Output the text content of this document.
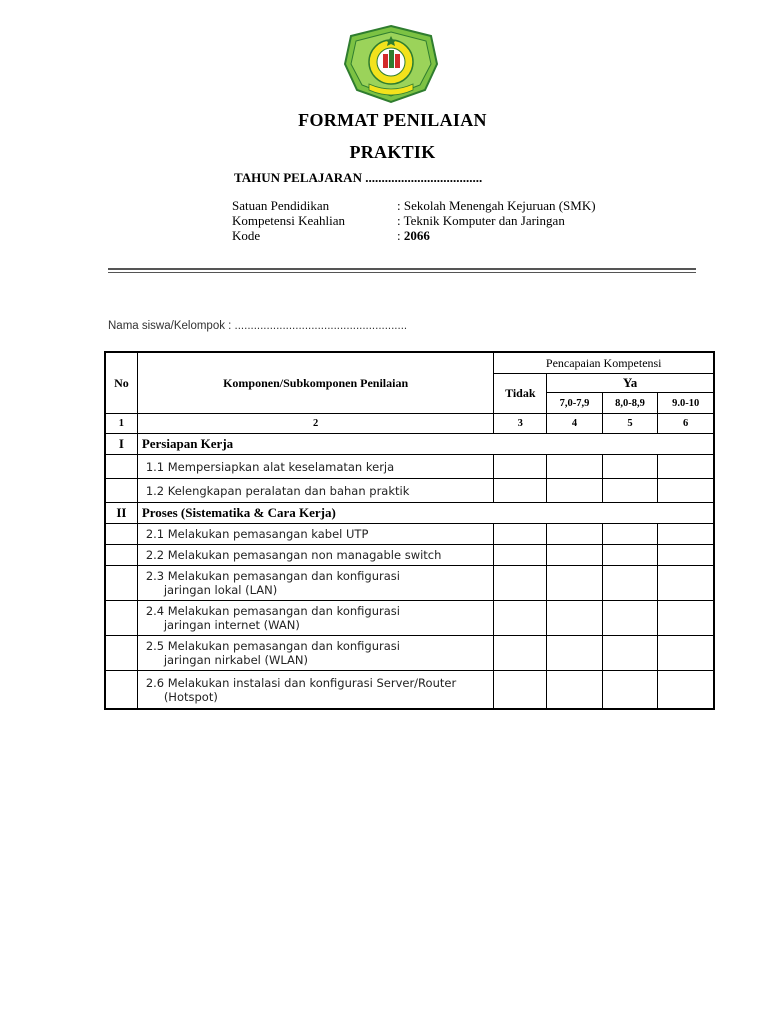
FORMAT PENILAIAN
PRAKTIK
TAHUN PELAJARAN ....................................
Satuan Pendidikan	: Sekolah Menengah Kejuruan (SMK)
Kompetensi Keahlian	: Teknik Komputer dan Jaringan
Kode	: 2066
Nama siswa/Kelompok : ......................................................
No	Komponen/Subkomponen Penilaian	Pencapaian Kompetensi			
		Tidak	Ya		
			7,0-7,9	8,0-8,9	9.0-10
1	2	3	4	5	6
I	Persiapan Kerja				

	1.1 Mempersiapkan alat keselamatan kerja				

	1.2 Kelengkapan peralatan dan bahan praktik				

II	Proses (Sistematika & Cara Kerja)				

	2.1 Melakukan pemasangan kabel UTP				

	2.2 Melakukan pemasangan non managable switch				

	2.3 Melakukan pemasangan dan konfigurasi
jaringan lokal (LAN)				

	2.4 Melakukan pemasangan dan konfigurasi
jaringan internet (WAN)				

	2.5 Melakukan pemasangan dan konfigurasi
jaringan nirkabel (WLAN)				

	2.6 Melakukan instalasi dan konfigurasi Server/Router
(Hotspot)				
